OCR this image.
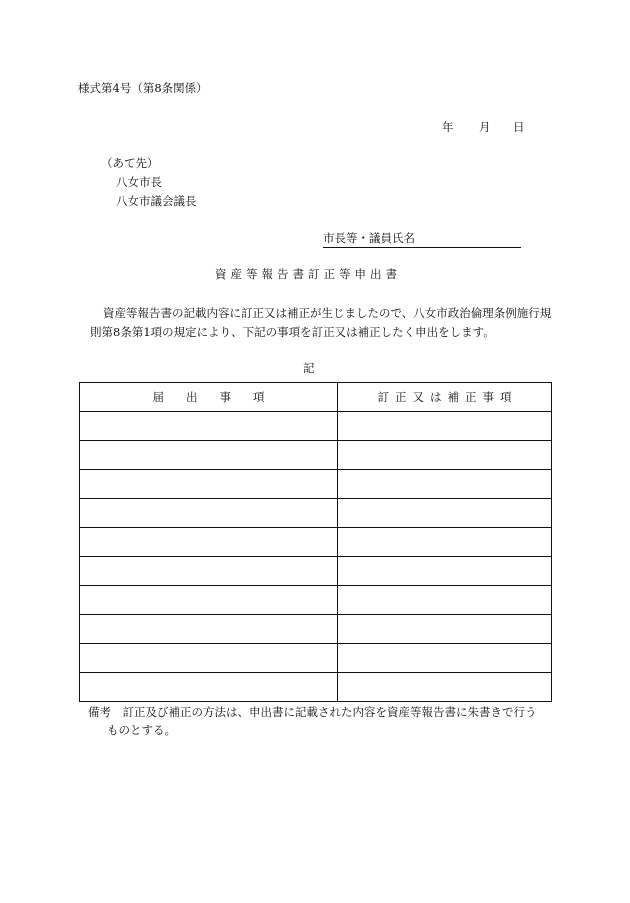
様式第4号（第8条関係）
年 月 日
（あて先）
八女市長
八女市議会議長
市長等・議員氏名
資産等報告書訂正等申出書
資産等報告書の記載内容に訂正又は補正が生じましたので、八女市政治倫理条例施行規則第8条第1項の規定により、下記の事項を訂正又は補正したく申出をします。
記
届出事項	訂正又は補正事項

備考　訂正及び補正の方法は、申出書に記載された内容を資産等報告書に朱書きで行う
ものとする。
